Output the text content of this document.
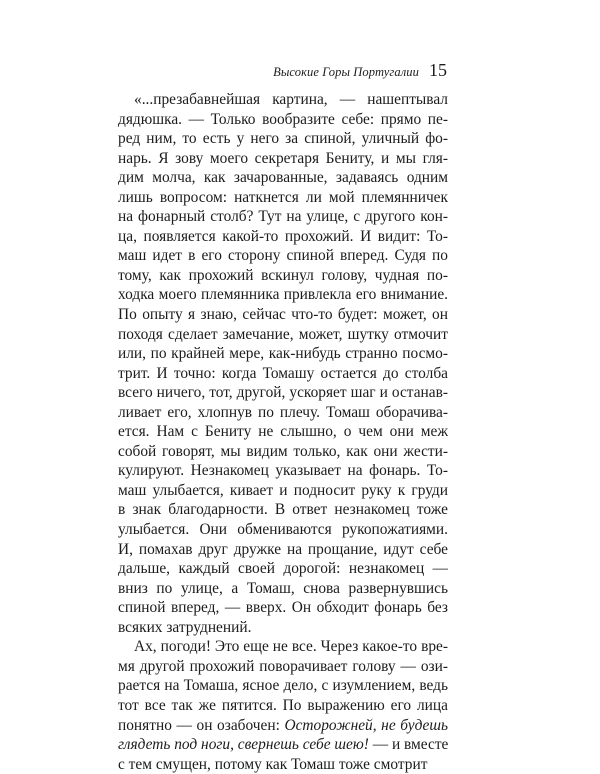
Высокие Горы Португалии 15
«...презабавнейшая картина, — нашептывал
дядюшка. — Только вообразите себе: прямо пе-
ред ним, то есть у него за спиной, уличный фо-
нарь. Я зову моего секретаря Бениту, и мы гля-
дим молча, как зачарованные, задаваясь одним
лишь вопросом: наткнется ли мой племянничек
на фонарный столб? Тут на улице, с другого кон-
ца, появляется какой-то прохожий. И видит: То-
маш идет в его сторону спиной вперед. Судя по
тому, как прохожий вскинул голову, чудная по-
ходка моего племянника привлекла его внимание.
По опыту я знаю, сейчас что-то будет: может, он
походя сделает замечание, может, шутку отмочит
или, по крайней мере, как-нибудь странно посмо-
трит. И точно: когда Томашу остается до столба
всего ничего, тот, другой, ускоряет шаг и останав-
ливает его, хлопнув по плечу. Томаш оборачива-
ется. Нам с Бениту не слышно, о чем они меж
собой говорят, мы видим только, как они жести-
кулируют. Незнакомец указывает на фонарь. То-
маш улыбается, кивает и подносит руку к груди
в знак благодарности. В ответ незнакомец тоже
улыбается. Они обмениваются рукопожатиями.
И, помахав друг дружке на прощание, идут себе
дальше, каждый своей дорогой: незнакомец —
вниз по улице, а Томаш, снова развернувшись
спиной вперед, — вверх. Он обходит фонарь без
всяких затруднений.
Ах, погоди! Это еще не все. Через какое-то вре-
мя другой прохожий поворачивает голову — ози-
рается на Томаша, ясное дело, с изумлением, ведь
тот все так же пятится. По выражению его лица
понятно — он озабочен: Осторожней, не будешь
глядеть под ноги, свернешь себе шею! — и вместе
с тем смущен, потому как Томаш тоже смотрит
